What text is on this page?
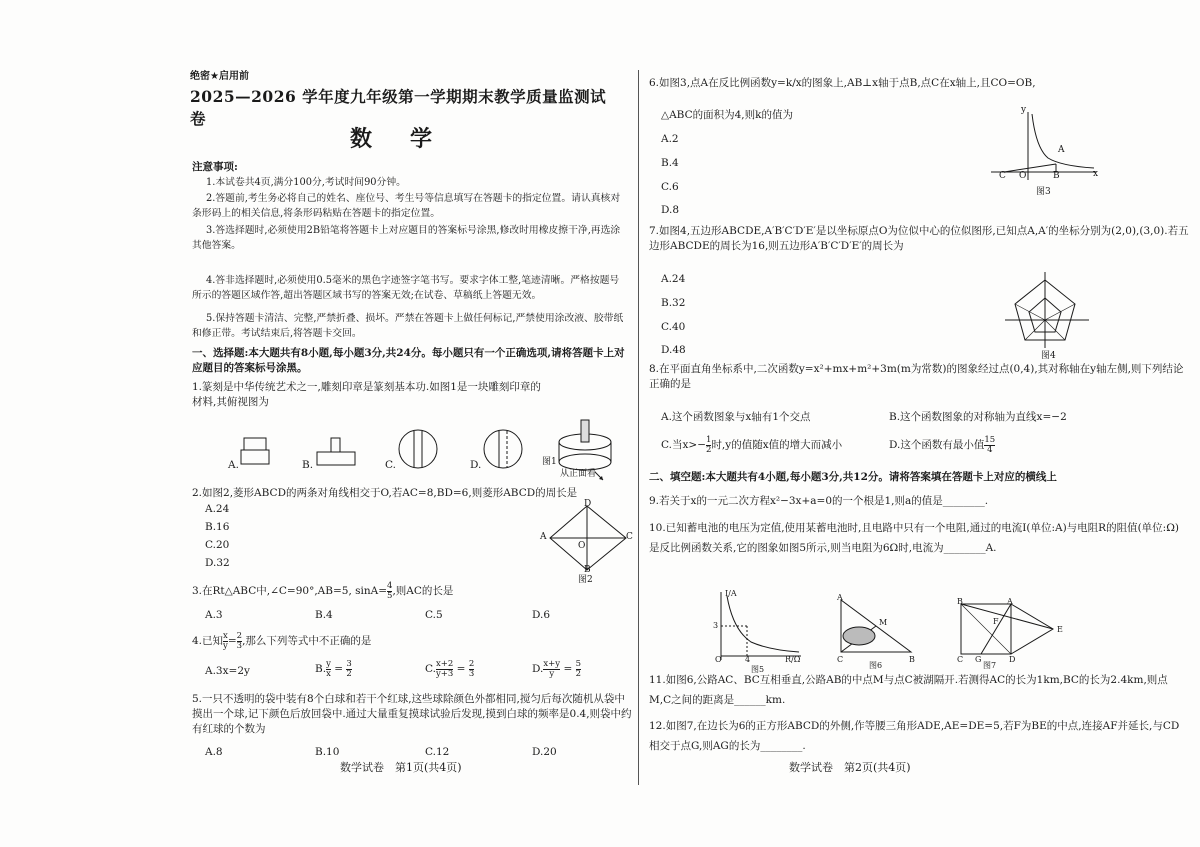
绝密★启用前
2025—2026 学年度九年级第一学期期末教学质量监测试卷
数学
注意事项:
1.本试卷共4页,满分100分,考试时间90分钟。
2.答题前,考生务必将自己的姓名、座位号、考生号等信息填写在答题卡的指定位置。请认真核对条形码上的相关信息,将条形码粘贴在答题卡的指定位置。
3.答选择题时,必须使用2B铅笔将答题卡上对应题目的答案标号涂黑,修改时用橡皮擦干净,再选涂其他答案。
4.答非选择题时,必须使用0.5毫米的黑色字迹签字笔书写。要求字体工整,笔迹清晰。严格按题号所示的答题区域作答,超出答题区域书写的答案无效;在试卷、草稿纸上答题无效。
5.保持答题卡清洁、完整,严禁折叠、损坏。严禁在答题卡上做任何标记,严禁使用涂改液、胶带纸和修正带。考试结束后,将答题卡交回。
一、选择题:本大题共有8小题,每小题3分,共24分。每小题只有一个正确选项,请将答题卡上对应题目的答案标号涂黑。
1.篆刻是中华传统艺术之一,雕刻印章是篆刻基本功.如图1是一块雕刻印章的材料,其俯视图为
A.	B.	C.	D.	图1
从正面看
2.如图2,菱形ABCD的两条对角线相交于O,若AC=8,BD=6,则菱形ABCD的周长是
A.24
B.16
C.20
D.32
D
A	C
O
B
图2
3.在Rt△ABC中,∠C=90°,AB=5, $\sin A= \frac{4}{5}$ ,则AC的长是
A.3	B.4	C.5	D.6
4.已知 $\frac{x}{y} = \frac{2}{3}$ ,那么下列等式中不正确的是
A.3x=2y	B. $\frac{y}{x} = \frac{3}{2}$	C. $\frac{x+2}{y+3} = \frac{2}{3}$	D. $\frac{x+y}{y} = \frac{5}{2}$
5.一只不透明的袋中装有8个白球和若干个红球,这些球除颜色外都相同,搅匀后每次随机从袋中摸出一个球,记下颜色后放回袋中.通过大量重复摸球试验后发现,摸到白球的频率是0.4,则袋中约有红球的个数为
A.8	B.10	C.12	D.20
数学试卷　第1页(共4页)
6.如图3,点A在反比例函数y=k/x的图象上,AB⊥x轴于点B,点C在x轴上,且CO=OB,
△ABC的面积为4,则k的值为
A.2
B.4
C.6
D.8
y
A
C O	B	x
图3
7.如图4,五边形ABCDE,A′B′C′D′E′是以坐标原点O为位似中心的位似图形,已知点A,A′的坐标分别为(2,0),(3,0).若五边形ABCDE的周长为16,则五边形A′B′C′D′E′的周长为
A.24
B.32
C.40
D.48	图4
8.在平面直角坐标系中,二次函数y=x²+mx+m²+3m(m为常数)的图象经过点(0,4),其对称轴在y轴左侧,则下列结论正确的是
A.这个函数图象与x轴有1个交点	B.这个函数图象的对称轴为直线x=−2
C.当$x>- \frac{1}{2}$ 时,y的值随x值的增大而减小	D.这个函数有最小值 $\frac{15}{4}$
二、填空题:本大题共有4小题,每小题3分,共12分。请将答案填在答题卡上对应的横线上
9.若关于x的一元二次方程x²−3x+a=0的一个根是1,则a的值是________.
10.已知蓄电池的电压为定值,使用某蓄电池时,且电路中只有一个电阻,通过的电流I(单位:A)与电阻R的阻值(单位:Ω)是反比例函数关系,它的图象如图5所示,则当电阻为6Ω时,电流为________A.
I/A
3
4
O	R/Ω
图5
A
M
C	B
图6
B	A
F
E
C G	D
图7
11.如图6,公路AC、BC互相垂直,公路AB的中点M与点C被湖隔开.若测得AC的长为1km,BC的长为2.4km,则点M,C之间的距离是______km.
12.如图7,在边长为6的正方形ABCD的外侧,作等腰三角形ADE,AE=DE=5,若F为BE的中点,连接AF并延长,与CD相交于点G,则AG的长为________.
数学试卷　第2页(共4页)
